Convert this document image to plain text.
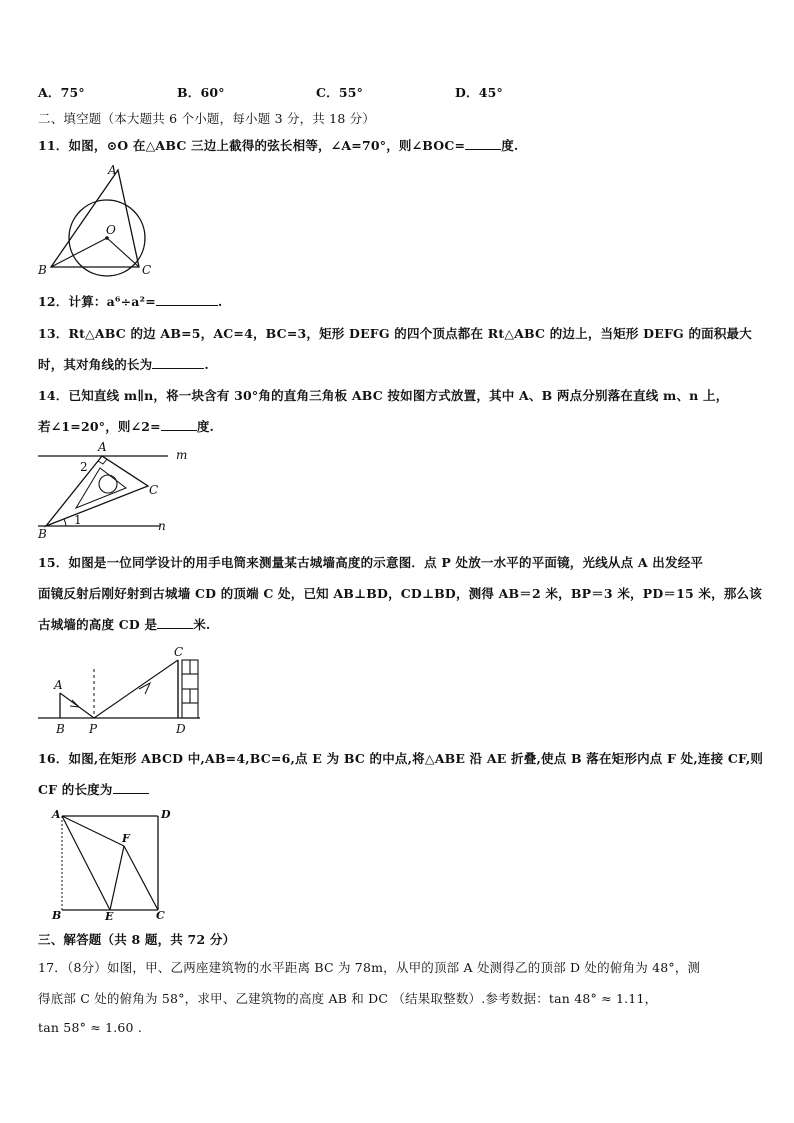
A．75°	B．60°	C．55°	D．45°
二、填空题（本大题共 6 个小题，每小题 3 分，共 18 分）
11．如图，⊙O 在△ABC 三边上截得的弦长相等，∠A=70°，则∠BOC=	度.
A
O
B	C
12．计算：a⁶÷a²=	.
13．Rt△ABC 的边 AB=5，AC=4，BC=3，矩形 DEFG 的四个顶点都在 Rt△ABC 的边上，当矩形 DEFG 的面积最大
时，其对角线的长为	.
14．已知直线 m∥n，将一块含有 30°角的直角三角板 ABC 按如图方式放置，其中 A、B 两点分别落在直线 m、n 上，
若∠1=20°，则∠2=	度.
A
m
2
C
1
B
n
15．如图是一位同学设计的用手电筒来测量某古城墙高度的示意图．点 P 处放一水平的平面镜，光线从点 A 出发经平
面镜反射后刚好射到古城墙 CD 的顶端 C 处，已知 AB⊥BD，CD⊥BD，测得 AB＝2 米，BP＝3 米，PD＝15 米，那么该
古城墙的高度 CD 是	米.
A
B P
C
D
16．如图,在矩形 ABCD 中,AB=4,BC=6,点 E 为 BC 的中点,将△ABE 沿 AE 折叠,使点 B 落在矩形内点 F 处,连接 CF,则
CF 的长度为
A	D
F
B	E	C
三、解答题（共 8 题，共 72 分）
17．（8分）如图，甲、乙两座建筑物的水平距离 BC 为 78m，从甲的顶部 A 处测得乙的顶部 D 处的俯角为 48°，测
得底部 C 处的俯角为 58°，求甲、乙建筑物的高度 AB 和 DC （结果取整数）.参考数据：tan 48° ≈ 1.11，
tan 58° ≈ 1.60 .
